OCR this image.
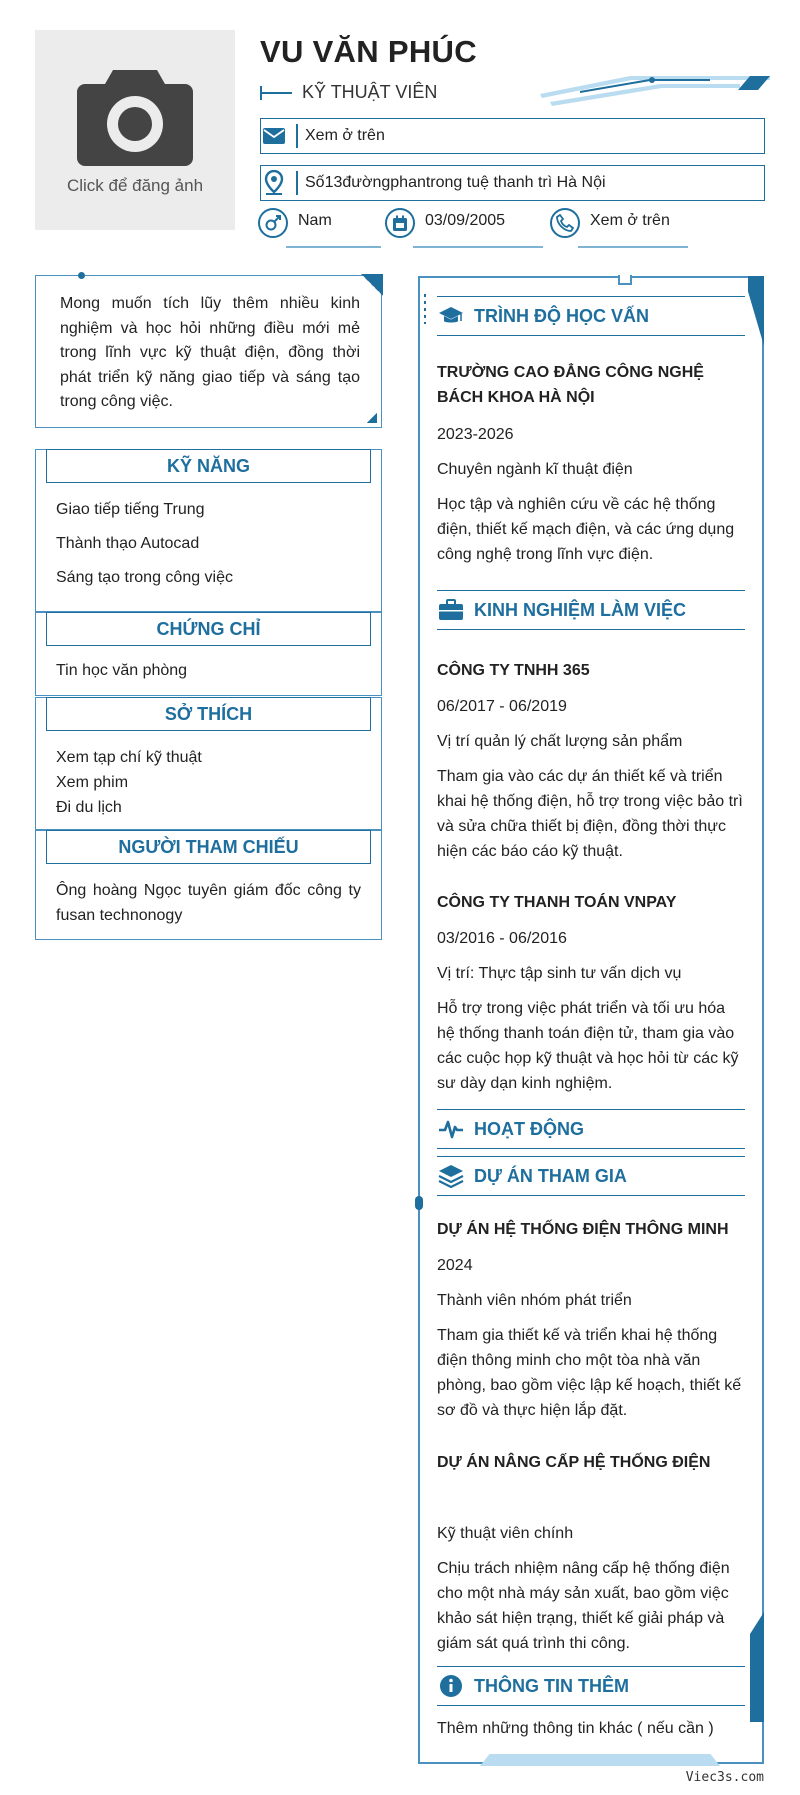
Click để đăng ảnh
VU VĂN PHÚC
KỸ THUẬT VIÊN
Xem ở trên
Số13đườngphantrong tuệ thanh trì Hà Nội
Nam	03/09/2005	Xem ở trên
Mong muốn tích lũy thêm nhiều kinh nghiệm và học hỏi những điều mới mẻ trong lĩnh vực kỹ thuật điện, đồng thời phát triển kỹ năng giao tiếp và sáng tạo trong công việc.
KỸ NĂNG
Giao tiếp tiếng Trung
Thành thạo Autocad
Sáng tạo trong công việc
CHỨNG CHỈ
Tin học văn phòng
SỞ THÍCH
Xem tạp chí kỹ thuật
Xem phim
Đi du lịch
NGƯỜI THAM CHIẾU
Ông hoàng Ngọc tuyên giám đốc công ty fusan technonogy
TRÌNH ĐỘ HỌC VẤN
TRƯỜNG CAO ĐẲNG CÔNG NGHỆ BÁCH KHOA HÀ NỘI
2023-2026
Chuyên ngành kĩ thuật điện
Học tập và nghiên cứu về các hệ thống điện, thiết kế mạch điện, và các ứng dụng công nghệ trong lĩnh vực điện.
KINH NGHIỆM LÀM VIỆC
CÔNG TY TNHH 365
06/2017 - 06/2019
Vị trí quản lý chất lượng sản phẩm
Tham gia vào các dự án thiết kế và triển khai hệ thống điện, hỗ trợ trong việc bảo trì và sửa chữa thiết bị điện, đồng thời thực hiện các báo cáo kỹ thuật.
CÔNG TY THANH TOÁN VNPAY
03/2016 - 06/2016
Vị trí: Thực tập sinh tư vấn dịch vụ
Hỗ trợ trong việc phát triển và tối ưu hóa hệ thống thanh toán điện tử, tham gia vào các cuộc họp kỹ thuật và học hỏi từ các kỹ sư dày dạn kinh nghiệm.
HOẠT ĐỘNG
DỰ ÁN THAM GIA
DỰ ÁN HỆ THỐNG ĐIỆN THÔNG MINH
2024
Thành viên nhóm phát triển
Tham gia thiết kế và triển khai hệ thống điện thông minh cho một tòa nhà văn phòng, bao gồm việc lập kế hoạch, thiết kế sơ đồ và thực hiện lắp đặt.
DỰ ÁN NÂNG CẤP HỆ THỐNG ĐIỆN
Kỹ thuật viên chính
Chịu trách nhiệm nâng cấp hệ thống điện cho một nhà máy sản xuất, bao gồm việc khảo sát hiện trạng, thiết kế giải pháp và giám sát quá trình thi công.
THÔNG TIN THÊM
Thêm những thông tin khác ( nếu cần )
Viec3s.com
